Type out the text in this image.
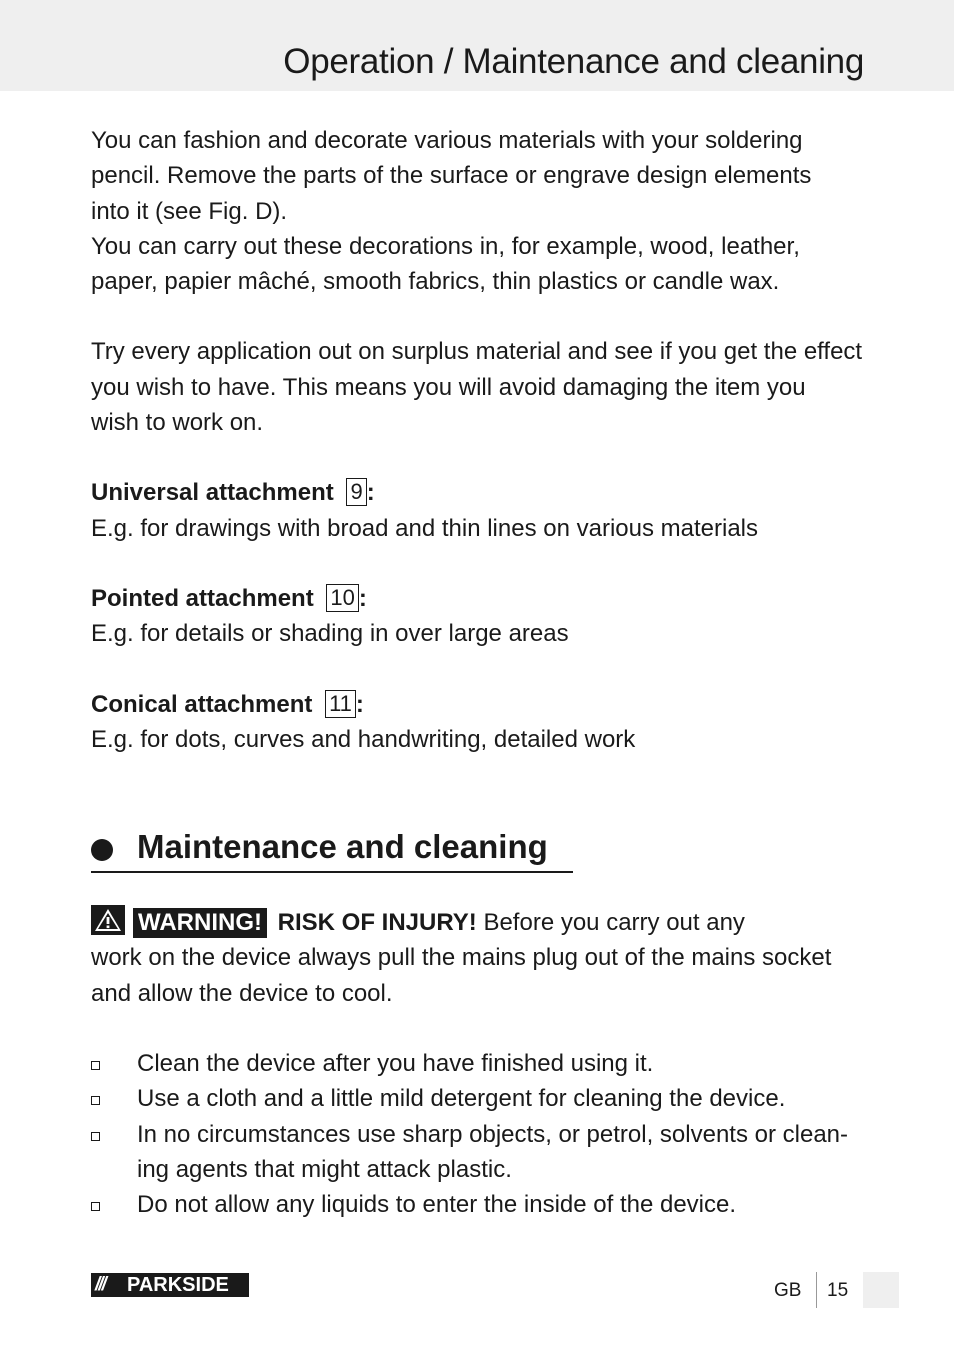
Operation / Maintenance and cleaning

You can fashion and decorate various materials with your soldering

pencil. Remove the parts of the surface or engrave design elements

into it (see Fig. D).

You can carry out these decorations in, for example, wood, leather,

paper, papier mâché, smooth fabrics, thin plastics or candle wax.

Try every application out on surplus material and see if you get the effect

you wish to have. This means you will avoid damaging the item you

wish to work on.

Universal attachment 9 :

E.g. for drawings with broad and thin lines on various materials

Pointed attachment 10 :

E.g. for details or shading in over large areas

Conical attachment 11 :

E.g. for dots, curves and handwriting, detailed work

Maintenance and cleaning

WARNING! RISK OF INJURY! Before you carry out any

work on the device always pull the mains plug out of the mains socket

and allow the device to cool.

Clean the device after you have finished using it.
Use a cloth and a little mild detergent for cleaning the device.
In no circumstances use sharp objects, or petrol, solvents or clean-
ing agents that might attack plastic.
Do not allow any liquids to enter the inside of the device.
/// PARKSIDE	GB 15
